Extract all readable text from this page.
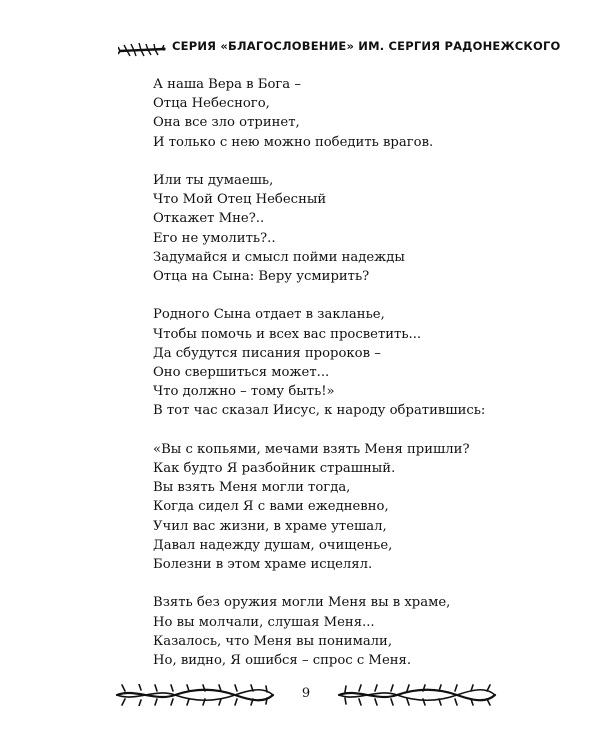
СЕРИЯ «БЛАГОСЛОВЕНИЕ» ИМ. СЕРГИЯ РАДОНЕЖСКОГО
А наша Вера в Бога –
Отца Небесного,
Она все зло отринет,
И только с нею можно победить врагов.
Или ты думаешь,
Что Мой Отец Небесный
Откажет Мне?..
Его не умолить?..
Задумайся и смысл пойми надежды
Отца на Сына: Веру усмирить?
Родного Сына отдает в закланье,
Чтобы помочь и всех вас просветить...
Да сбудутся писания пророков –
Оно свершиться может...
Что должно – тому быть!»
В тот час сказал Иисус, к народу обратившись:
«Вы с копьями, мечами взять Меня пришли?
Как будто Я разбойник страшный.
Вы взять Меня могли тогда,
Когда сидел Я с вами ежедневно,
Учил вас жизни, в храме утешал,
Давал надежду душам, очищенье,
Болезни в этом храме исцелял.
Взять без оружия могли Меня вы в храме,
Но вы молчали, слушая Меня...
Казалось, что Меня вы понимали,
Но, видно, Я ошибся – спрос с Меня.
9
